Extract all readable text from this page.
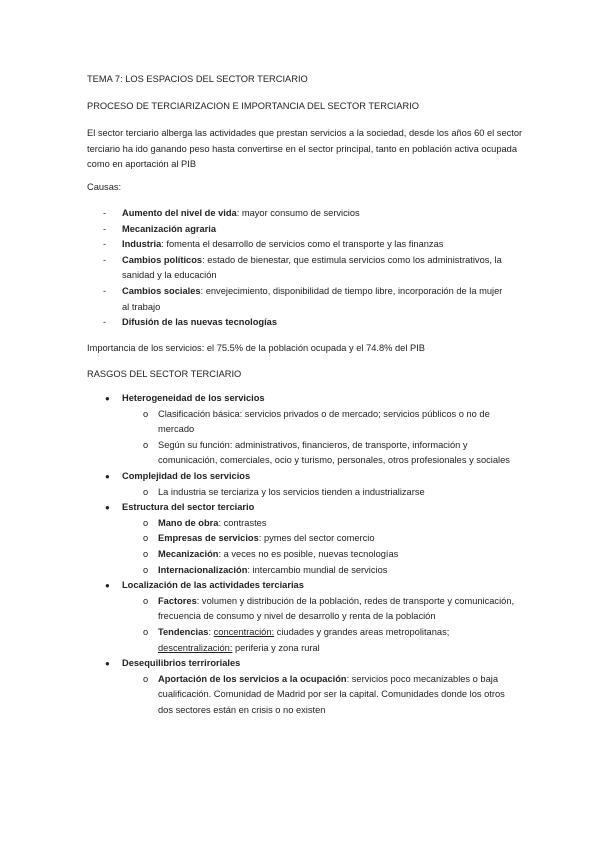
TEMA 7: LOS ESPACIOS DEL SECTOR TERCIARIO

PROCESO DE TERCIARIZACION E IMPORTANCIA DEL SECTOR TERCIARIO

El sector terciario alberga las actividades que prestan servicios a la sociedad, desde los años 60 el sector terciario ha ido ganando peso hasta convertirse en el sector principal, tanto en población activa ocupada como en aportación al PIB

Causas:

- Aumento del nivel de vida: mayor consumo de servicios
- Mecanización agraria
- Industria: fomenta el desarrollo de servicios como el transporte y las finanzas
- Cambios políticos: estado de bienestar, que estimula servicios como los administrativos, la sanidad y la educación
- Cambios sociales: envejecimiento, disponibilidad de tiempo libre, incorporación de la mujer al trabajo
- Difusión de las nuevas tecnologías

Importancia de los servicios: el 75.5% de la población ocupada y el 74.8% del PIB

RASGOS DEL SECTOR TERCIARIO

● Heterogeneidad de los servicios
o Clasificación básica: servicios privados o de mercado; servicios públicos o no de mercado
o Según su función: administrativos, financieros, de transporte, información y comunicación, comerciales, ocio y turismo, personales, otros profesionales y sociales
● Complejidad de los servicios
o La industria se terciariza y los servicios tienden a industrializarse
● Estructura del sector terciario
o Mano de obra: contrastes
o Empresas de servicios: pymes del sector comercio
o Mecanización: a veces no es posible, nuevas tecnologías
o Internacionalización: intercambio mundial de servicios
● Localización de las actividades terciarias
o Factores: volumen y distribución de la población, redes de transporte y comunicación, frecuencia de consumo y nivel de desarrollo y renta de la población
o Tendencias: concentración: ciudades y grandes areas metropolitanas; descentralización: periferia y zona rural
● Desequilibrios terriroriales
o Aportación de los servicios a la ocupación: servicios poco mecanizables o baja cualificación. Comunidad de Madrid por ser la capital. Comunidades donde los otros dos sectores están en crisis o no existen
